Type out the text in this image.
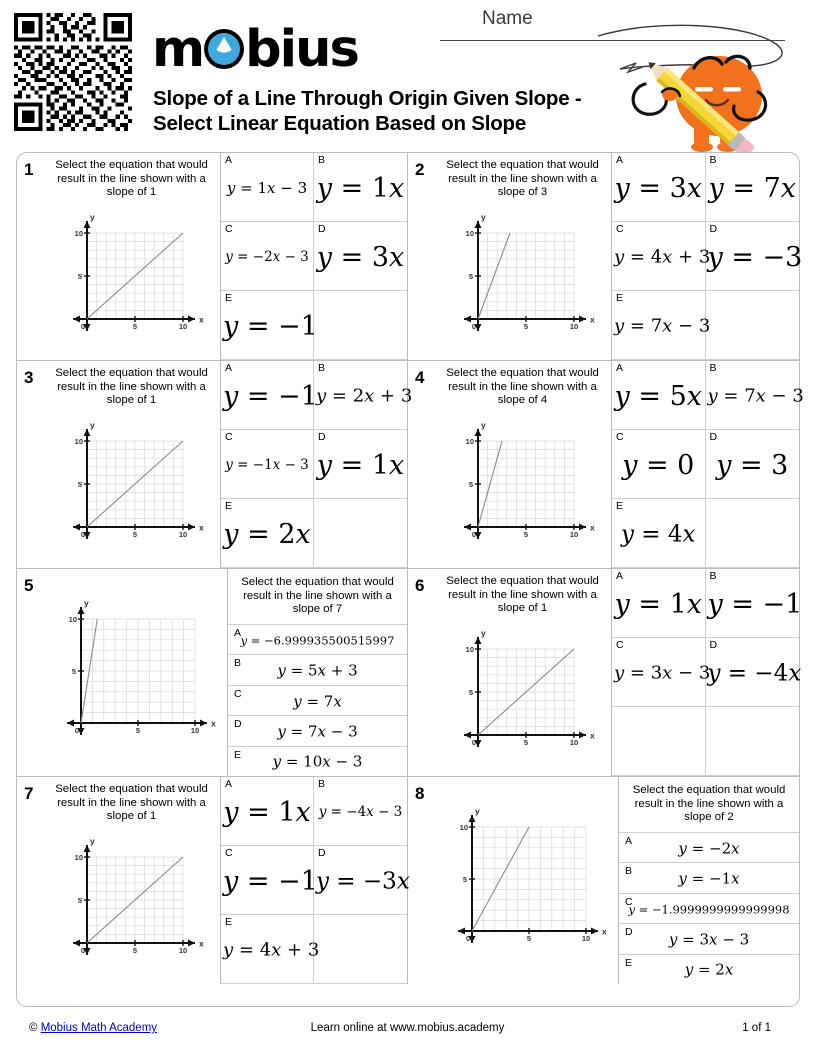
m bius
Slope of a Line Through Origin Given Slope - Select Linear Equation Based on Slope
Name
1	Select the equation that would result in the line shown with a slope of 1
x
y
0	5	10
5
10
A
y = 1x − 3
B
y = 1x
C
y = −2x − 3
D
y = 3x
E
y = −1
2	Select the equation that would result in the line shown with a slope of 3
x
y
0	5	10
5
10
A
y = 3x
B
y = 7x
C
y = 4x + 3
D
y = −3
E
y = 7x − 3
3	Select the equation that would result in the line shown with a slope of 1
x
y
0	5	10
5
10
A
y = −1
B
y = 2x + 3
C
y = −1x − 3
D
y = 1x
E
y = 2x
4	Select the equation that would result in the line shown with a slope of 4
x
y
0	5	10
5
10
A
y = 5x
B
y = 7x − 3
C
y = 0
D
y = 3
E
y = 4x
5
x
y
0	5	10
5
10
Select the equation that would result in the line shown with a slope of 7
A y = −6.999935500515997
B	y = 5x + 3
C	y = 7x
D	y = 7x − 3
E	y = 10x − 3
6	Select the equation that would result in the line shown with a slope of 1
x
y
0	5	10
5
10
A
y = 1x
B
y = −1
C
y = 3x − 3
D
y = −4x
7	Select the equation that would result in the line shown with a slope of 1
x
y
0	5	10
5
10
A
y = 1x
B
y = −4x − 3
C
y = −1
D
y = −3x
E
y = 4x + 3
8
x
y
0	5	10
5
10
Select the equation that would result in the line shown with a slope of 2
A	y = −2x
B	y = −1x
C
y = −1.9999999999999998
D	y = 3x − 3
E	y = 2x
© Mobius Math Academy	Learn online at www.mobius.academy	1 of 1
